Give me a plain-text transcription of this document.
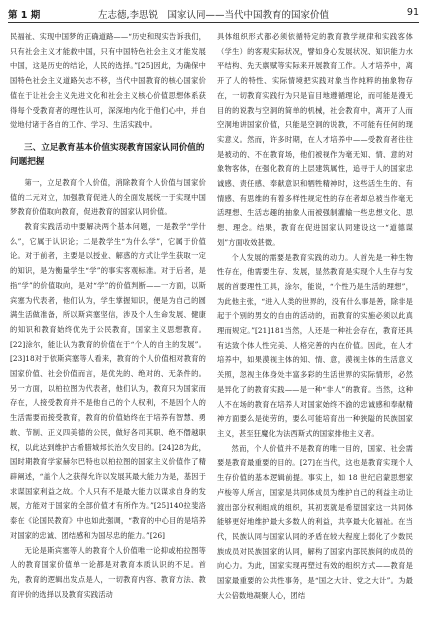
第 1 期	左志德,李思锐　国家认同——当代中国教育的国家价值	91

民福祉、实现中国梦的正确道路——“历史和现实告诉我们，只有社会主义才能救中国，只有中国特色社会主义才能发展中国，这是历史的结论，人民的选择。”[25]因此，为确保中国特色社会主义道路矢志不移，当代中国教育的核心国家价值在于让社会主义先进文化和社会主义核心价值思想体系获得每个受教育者的理性认可，深深地内化于他们心中，并自觉地付诸于各自的工作、学习、生活实践中。

三、立足教育基本价值实现教育国家认同价值的问题把握

第一，立足教育个人价值，消除教育个人价值与国家价值的二元对立，加强教育促进人的全面发展统一于实现中国梦教育价值取向教育，促进教育的国家认同价值。

教育实践活动中要解决两个基本问题，一是教学“学什么”，它属于认识论；二是教学生“为什么学”，它属于价值论。对于前者，主要是以授业、解惑的方式让学生获取一定的知识，是为衡量学生“学”的事实客观标准。对于后者，是指“学”的价值取向，是对“学”的价值判断——一方面，以斯宾塞为代表者，他们认为，学生掌握知识，便是为自己的圆满生活做准备，所以斯宾塞坚信，涉及个人生命发展、健康的知识和教育始终优先于公民教育，国家主义思想教育。[22]涂尔，能让认为教育的价值在于“个人的自主的发展”。[23]18对于依斯宾塞等人看来，教育的个人价值相对教育的国家价值、社会价值而言，是优先的、绝对的、无条件的。另一方面，以柏拉图为代表者，他们认为，教育只为国家而存在，人接受教育并不是他自己的个人权利，不是因个人的生活需要而接受教育，教育的价值始终在于培养有智慧、勇敢、节制、正义四美德的公民，做好各司其职、绝不僭越职权，以此达到维护古希腊城邦长治久安目的。[24]28为此，国时期教育学家赫尔巴特也以柏拉图的国家主义价值作了精辟阐述，“盖个人之获得允许以发展其最大能力为是，基因于求谋国家利益之故。个人只有不是最大能力以谋求自身的发展，方能对于国家的全部价值才有所作为。”[25]140拉斐洛泰在《论国民教育》中也如此强调，“教育的中心目的是培养对国家的忠诚、团结感和为国尽忠的能力。”[26]

无论是斯宾塞等人的教育个人价值唯一论抑或柏拉图等人的教育国家价值单一论都是对教育本质认识的不足。首先，教育的逻辑出发点是人，一切教育内容、教育方法、教育评价的选择以及教育实践活动

具体组织形式都必须依循特定的教育教学规律和实践客体（学生）的客观实际状况，譬如身心发展状况、知识能力水平结构、先天禀赋等实际来开展教育工作。人才培养中，离开了人的特性、实际情境把实践对象当作纯粹的抽象物存在，一切教育实践行为只是盲目地遵循理论，而可能是漫无目的的说教与空洞的简单的机械，社会教育中，离开了人而空洞地讲国家价值，只能是空洞的说教，不可能有任何的现实意义。然而，许多时期，在人才培养中——受教育者往往是被动的、不在教育场，他们被视作为毫无知、情、意的对象物客体，在强化教育的上层建筑属性，追寻于人的国家忠诚感、责任感、奉献意识和牺牲精神时，这些活生生的、有情感、有思维的有着多样性规定性的存在者却总被当作毫无活理想、生活志趣的抽象人而被强制灌输一些忠想文化、思想、理念。结果，教育在促进国家认同建设这一“道德谋划”方面收效甚微。

个人发展的需要是教育实践的动力。人首先是一种生物性存在，他需要生存、发展，显然教育是实现个人生存与发展的首要理性工具，涂尔，能说，“个性乃是生活的理想”，为此他主张，“进入人类的世界的，没有什么事是善，除非是起于个别的男女的自由的活动的，而教育的实施必须以此真理而规定。”[21]181当然，人还是一种社会存在，教育还具有达致个体人性完美、人格完善的内在价值。因此，在人才培养中，如果漠视主体的知、情、意，漠视主体的生活意义关照，忽视主体身处丰富多彩的生活世界的实际情形，必然是异化了的教育实践——是一种“非人”的教育。当然，这种人不在场的教育在培养人对国家始终不渝的忠诚感和奉献精神方面要么是徒劳的，要么可能培育出一种狭隘的民族国家主义，甚至狂魔化为法西斯式的国家排他主义者。

然而，个人价值并不是教育的唯一目的，国家、社会需要是教育最重要的目的。[27]在当代，这也是教育实现个人生存价值的基本逻辑前提。事实上，如 18 世纪启蒙思想家卢梭等人所言，国家是共同体成员为维护自己的利益主动让渡出部分权利组成的组织，其初衷就是希望国家这一共同体能够更好地维护最大多数人的利益，共享最大化福祉。在当代，民族认同与国家认同的矛盾在较大程度上弱化了少数民族成员对民族国家的认同，解构了国家内部民族间的成员的向心力。为此，国家实现再塑过有效的组织方式——教育是国家最重要的公共性事务，是“国之大计、党之大计”。为最大公倍数地凝聚人心，团结
